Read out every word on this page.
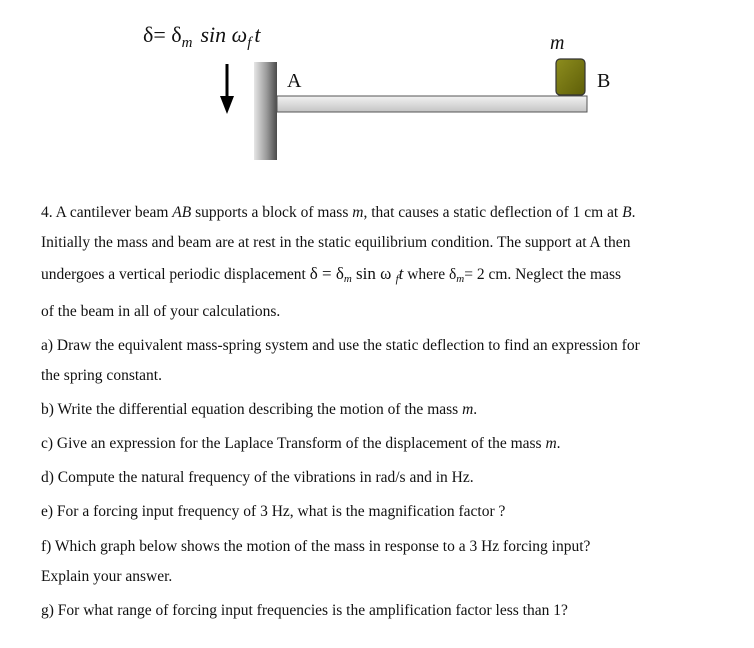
$\delta= \delta_m$ $\sin \omega_f$ t
A
m
B
4. A cantilever beam AB supports a block of mass m, that causes a static deflection of 1 cm at B.
Initially the mass and beam are at rest in the static equilibrium condition. The support at A then
undergoes a vertical periodic displacement $\delta = \delta_m$ sin ω $_f$t where $\delta_m= 2$ cm. Neglect the mass
of the beam in all of your calculations.
a) Draw the equivalent mass-spring system and use the static deflection to find an expression for
the spring constant.
b) Write the differential equation describing the motion of the mass m.
c) Give an expression for the Laplace Transform of the displacement of the mass m.
d) Compute the natural frequency of the vibrations in rad/s and in Hz.
e) For a forcing input frequency of 3 Hz, what is the magnification factor ?
f) Which graph below shows the motion of the mass in response to a 3 Hz forcing input?
Explain your answer.
g) For what range of forcing input frequencies is the amplification factor less than 1?
